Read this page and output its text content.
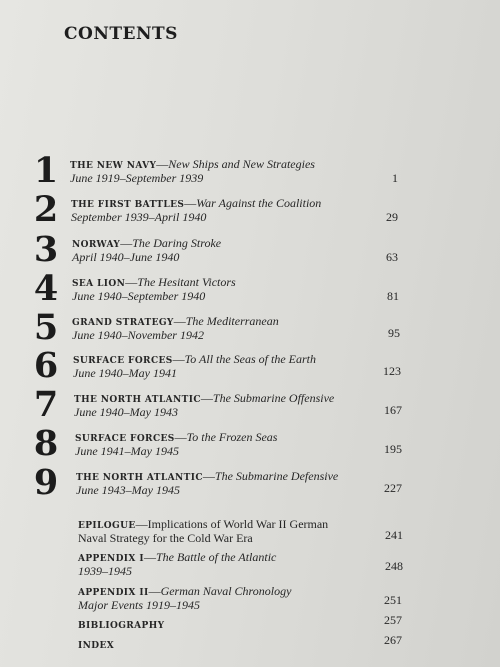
CONTENTS
1	THE NEW NAVY—New Ships and New Strategies
June 1919–September 1939	1
2	THE FIRST BATTLES—War Against the Coalition
September 1939–April 1940	29
3	NORWAY—The Daring Stroke
April 1940–June 1940	63
4	SEA LION—The Hesitant Victors
June 1940–September 1940	81
5	GRAND STRATEGY—The Mediterranean
June 1940–November 1942	95
6	SURFACE FORCES—To All the Seas of the Earth
June 1940–May 1941	123
7	THE NORTH ATLANTIC—The Submarine Offensive
June 1940–May 1943	167
8	SURFACE FORCES—To the Frozen Seas
June 1941–May 1945	195
9	THE NORTH ATLANTIC—The Submarine Defensive
June 1943–May 1945	227
EPILOGUE—Implications of World War II German
Naval Strategy for the Cold War Era	241
APPENDIX I—The Battle of the Atlantic
1939–1945	248
APPENDIX II—German Naval Chronology
Major Events 1919–1945	251
BIBLIOGRAPHY	257
INDEX	267
